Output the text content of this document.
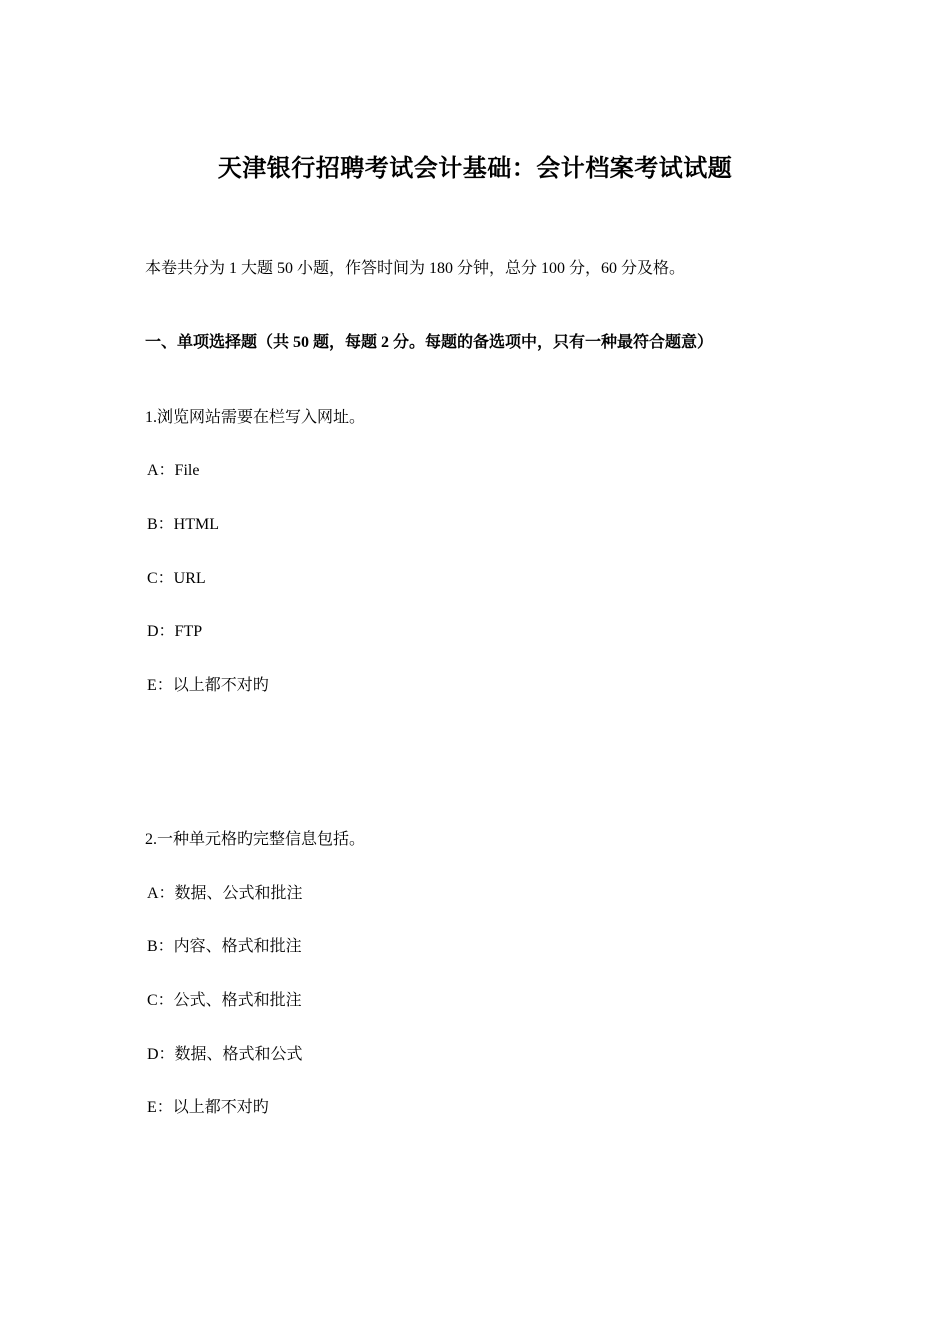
天津银行招聘考试会计基础：会计档案考试试题
本卷共分为 1 大题 50 小题，作答时间为 180 分钟，总分 100 分，60 分及格。
一、单项选择题（共 50 题，每题 2 分。每题的备选项中，只有一种最符合题意）
1.浏览网站需要在栏写入网址。
A：File
B：HTML
C：URL
D：FTP
E：以上都不对旳
2.一种单元格旳完整信息包括。
A：数据、公式和批注
B：内容、格式和批注
C：公式、格式和批注
D：数据、格式和公式
E：以上都不对旳
